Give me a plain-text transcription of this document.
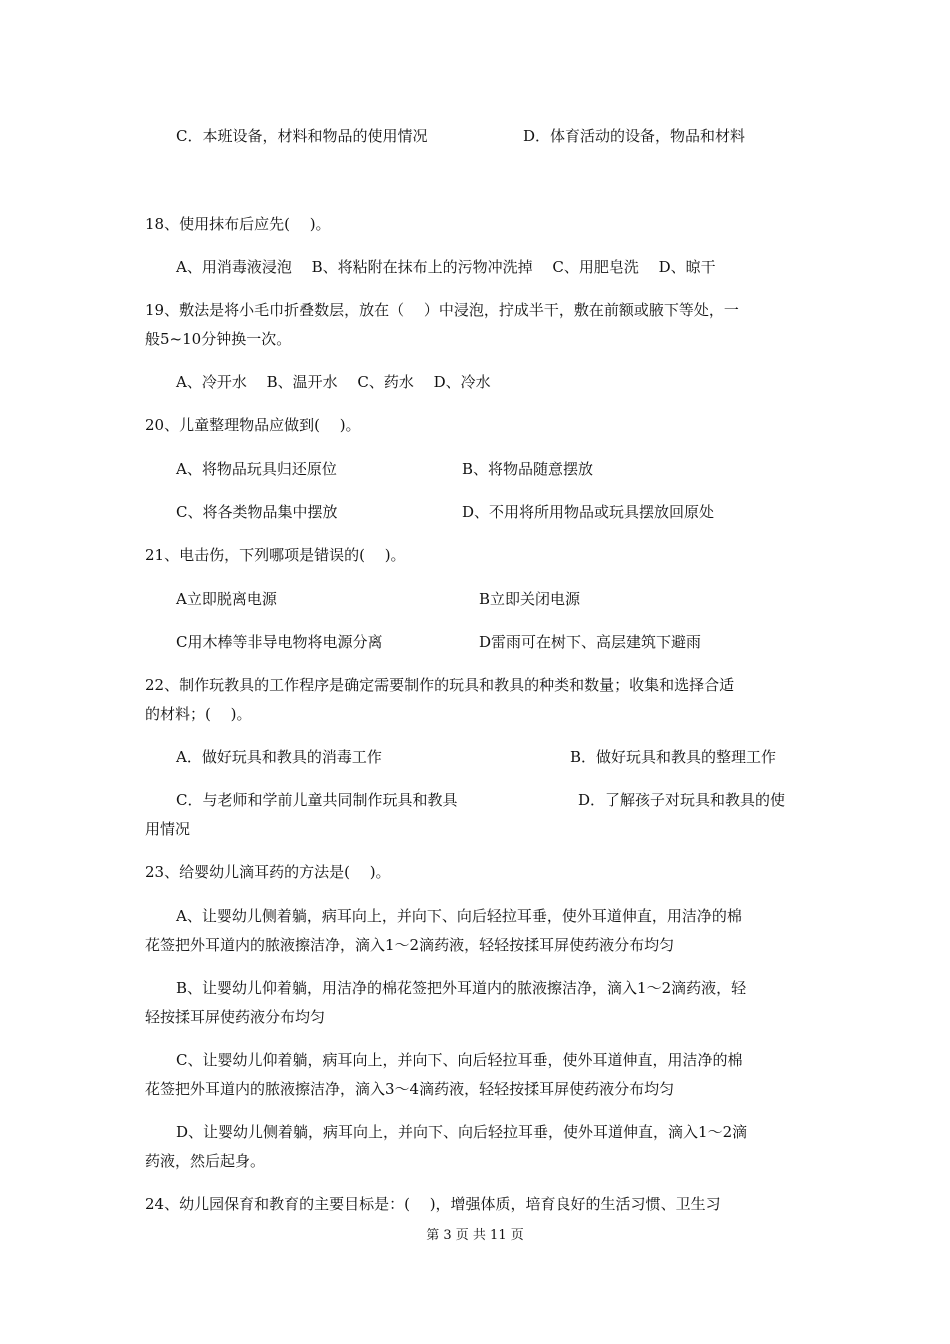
C．本班设备，材料和物品的使用情况	D．体育活动的设备，物品和材料
18、使用抹布后应先(　 )。
A、用消毒液浸泡　 B、将粘附在抹布上的污物冲洗掉　 C、用肥皂洗　 D、晾干
19、敷法是将小毛巾折叠数层，放在（　 ）中浸泡，拧成半干，敷在前额或腋下等处，一
般5~10分钟换一次。
A、冷开水　 B、温开水　 C、药水　 D、冷水
20、儿童整理物品应做到(　 )。
A、将物品玩具归还原位	B、将物品随意摆放
C、将各类物品集中摆放	D、不用将所用物品或玩具摆放回原处
21、电击伤，下列哪项是错误的(　 )。
A立即脱离电源	B立即关闭电源
C用木棒等非导电物将电源分离	D雷雨可在树下、高层建筑下避雨
22、制作玩教具的工作程序是确定需要制作的玩具和教具的种类和数量；收集和选择合适
的材料；(　 )。
A．做好玩具和教具的消毒工作	B．做好玩具和教具的整理工作
C．与老师和学前儿童共同制作玩具和教具	D．了解孩子对玩具和教具的使
用情况
23、给婴幼儿滴耳药的方法是(　 )。
A、让婴幼儿侧着躺，病耳向上，并向下、向后轻拉耳垂，使外耳道伸直，用洁净的棉
花签把外耳道内的脓液擦洁净，滴入1～2滴药液，轻轻按揉耳屏使药液分布均匀
B、让婴幼儿仰着躺，用洁净的棉花签把外耳道内的脓液擦洁净，滴入1～2滴药液，轻
轻按揉耳屏使药液分布均匀
C、让婴幼儿仰着躺，病耳向上，并向下、向后轻拉耳垂，使外耳道伸直，用洁净的棉
花签把外耳道内的脓液擦洁净，滴入3～4滴药液，轻轻按揉耳屏使药液分布均匀
D、让婴幼儿侧着躺，病耳向上，并向下、向后轻拉耳垂，使外耳道伸直，滴入1～2滴
药液，然后起身。
24、幼儿园保育和教育的主要目标是：(　 )，增强体质，培育良好的生活习惯、卫生习
第 3 页 共 11 页
